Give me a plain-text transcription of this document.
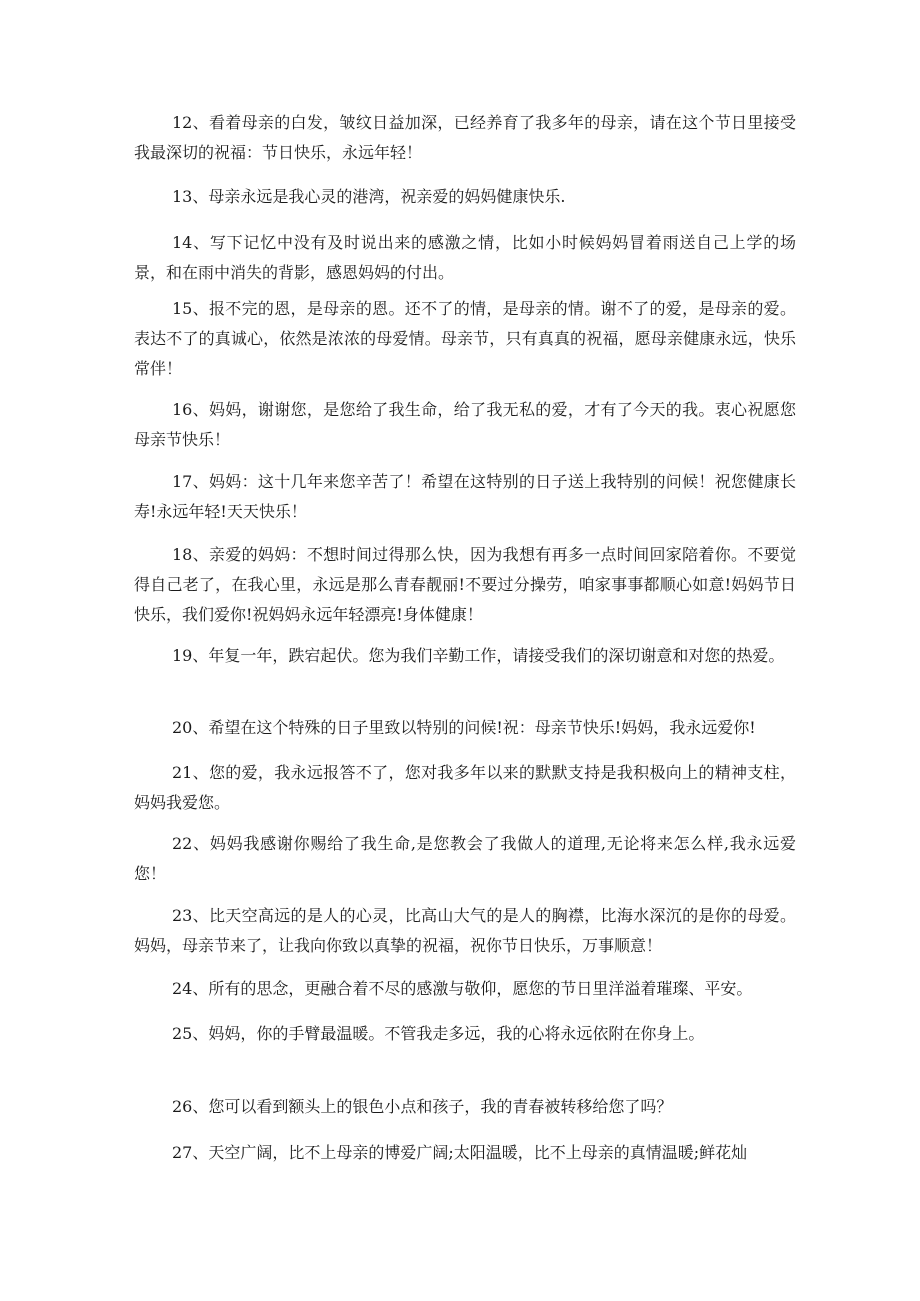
12、看着母亲的白发，皱纹日益加深，已经养育了我多年的母亲，请在这个节日里接受我最深切的祝福：节日快乐，永远年轻！

13、母亲永远是我心灵的港湾，祝亲爱的妈妈健康快乐.

14、写下记忆中没有及时说出来的感激之情，比如小时候妈妈冒着雨送自己上学的场景，和在雨中消失的背影，感恩妈妈的付出。

15、报不完的恩，是母亲的恩。还不了的情，是母亲的情。谢不了的爱，是母亲的爱。表达不了的真诚心，依然是浓浓的母爱情。母亲节，只有真真的祝福，愿母亲健康永远，快乐常伴！

16、妈妈，谢谢您，是您给了我生命，给了我无私的爱，才有了今天的我。衷心祝愿您母亲节快乐！

17、妈妈：这十几年来您辛苦了！希望在这特别的日子送上我特别的问候！祝您健康长寿!永远年轻!天天快乐！

18、亲爱的妈妈：不想时间过得那么快，因为我想有再多一点时间回家陪着你。不要觉得自己老了，在我心里，永远是那么青春靓丽!不要过分操劳，咱家事事都顺心如意!妈妈节日快乐，我们爱你!祝妈妈永远年轻漂亮!身体健康！

19、年复一年，跌宕起伏。您为我们辛勤工作，请接受我们的深切谢意和对您的热爱。

20、希望在这个特殊的日子里致以特别的问候!祝：母亲节快乐!妈妈，我永远爱你!

21、您的爱，我永远报答不了，您对我多年以来的默默支持是我积极向上的精神支柱，妈妈我爱您。

22、妈妈我感谢你赐给了我生命,是您教会了我做人的道理,无论将来怎么样,我永远爱您！

23、比天空高远的是人的心灵，比高山大气的是人的胸襟，比海水深沉的是你的母爱。妈妈，母亲节来了，让我向你致以真挚的祝福，祝你节日快乐，万事顺意！

24、所有的思念，更融合着不尽的感激与敬仰，愿您的节日里洋溢着璀璨、平安。

25、妈妈，你的手臂最温暖。不管我走多远，我的心将永远依附在你身上。

26、您可以看到额头上的银色小点和孩子，我的青春被转移给您了吗？

27、天空广阔，比不上母亲的博爱广阔;太阳温暖，比不上母亲的真情温暖;鲜花灿
